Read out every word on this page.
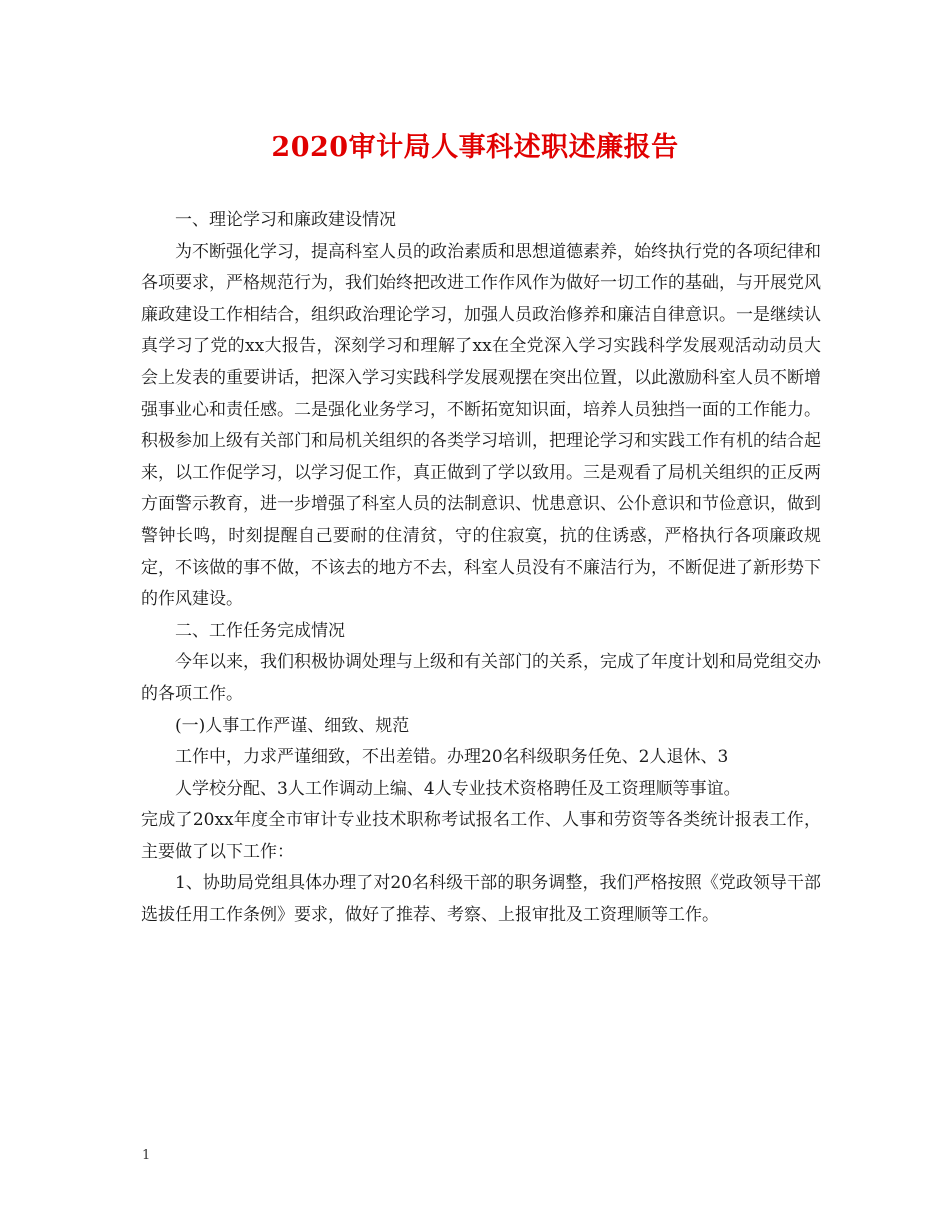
2020审计局人事科述职述廉报告

一、理论学习和廉政建设情况

为不断强化学习，提高科室人员的政治素质和思想道德素养，始终执行党的各项纪律和各项要求，严格规范行为，我们始终把改进工作作风作为做好一切工作的基础，与开展党风廉政建设工作相结合，组织政治理论学习，加强人员政治修养和廉洁自律意识。一是继续认真学习了党的xx大报告，深刻学习和理解了xx在全党深入学习实践科学发展观活动动员大会上发表的重要讲话，把深入学习实践科学发展观摆在突出位置，以此激励科室人员不断增强事业心和责任感。二是强化业务学习，不断拓宽知识面，培养人员独挡一面的工作能力。积极参加上级有关部门和局机关组织的各类学习培训，把理论学习和实践工作有机的结合起来，以工作促学习，以学习促工作，真正做到了学以致用。三是观看了局机关组织的正反两方面警示教育，进一步增强了科室人员的法制意识、忧患意识、公仆意识和节俭意识，做到警钟长鸣，时刻提醒自己要耐的住清贫，守的住寂寞，抗的住诱惑，严格执行各项廉政规定，不该做的事不做，不该去的地方不去，科室人员没有不廉洁行为，不断促进了新形势下的作风建设。

二、工作任务完成情况

今年以来，我们积极协调处理与上级和有关部门的关系，完成了年度计划和局党组交办的各项工作。

(一)人事工作严谨、细致、规范

工作中，力求严谨细致，不出差错。办理20名科级职务任免、2人退休、3

人学校分配、3人工作调动上编、4人专业技术资格聘任及工资理顺等事谊。

完成了20xx年度全市审计专业技术职称考试报名工作、人事和劳资等各类统计报表工作，主要做了以下工作：

1、协助局党组具体办理了对20名科级干部的职务调整，我们严格按照《党政领导干部选拔任用工作条例》要求，做好了推荐、考察、上报审批及工资理顺等工作。

1
